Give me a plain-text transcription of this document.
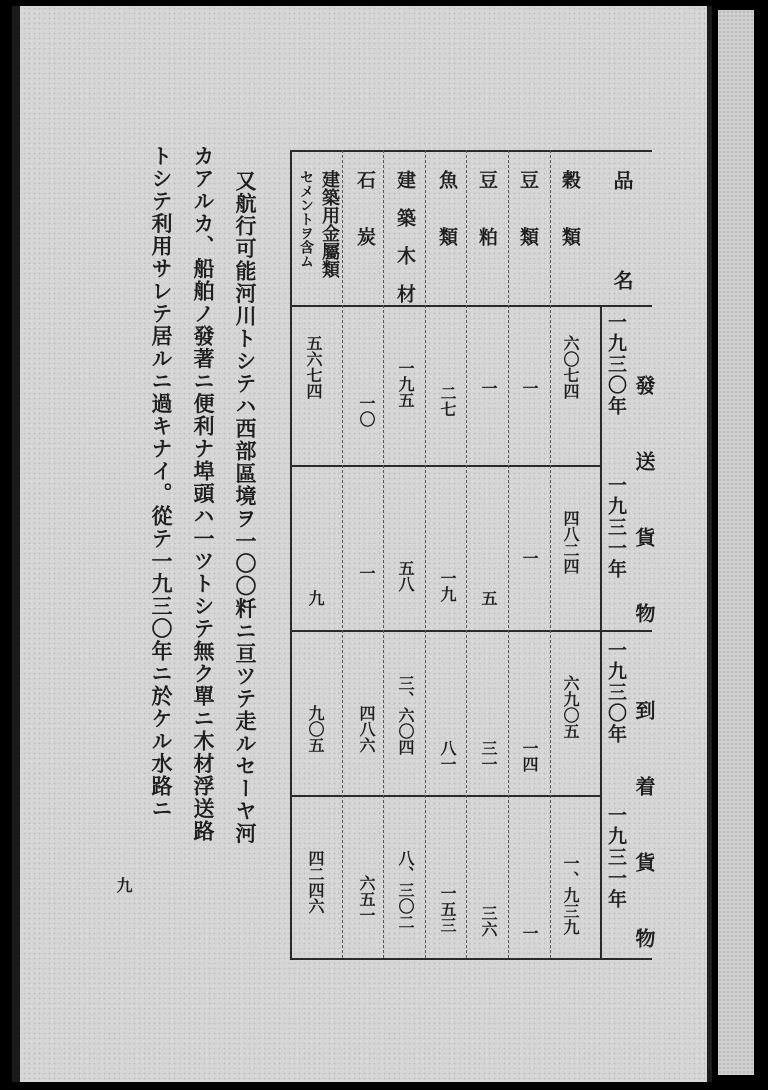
品　名
發　送　貨　物
到　着　貨　物
一九三〇年
一九三一年
一九三〇年
一九三一年
穀　　類
六〇七四
四八二四
六九〇五
一、九三九
豆　　類
一
一
一四
一
豆　　粕
一
五
三一
三六
魚　　類
二七
一九
八一
一五三
建　築　木　材
一九五
五八
三、六〇四
八、三〇二
石　　炭
一〇
一
四八六
六五一
建築用金屬類
セメントヲ含ム
五六七四
九
九〇五
四二四六
又航行可能河川トシテハ西部區境ヲ一〇〇粁ニ亘ツテ走ルセーヤ河
カアルカ、船舶ノ發著ニ便利ナ埠頭ハ一ツトシテ無ク單ニ木材浮送路
トシテ利用サレテ居ルニ過キナイ。從テ一九三〇年ニ於ケル水路ニ
九
